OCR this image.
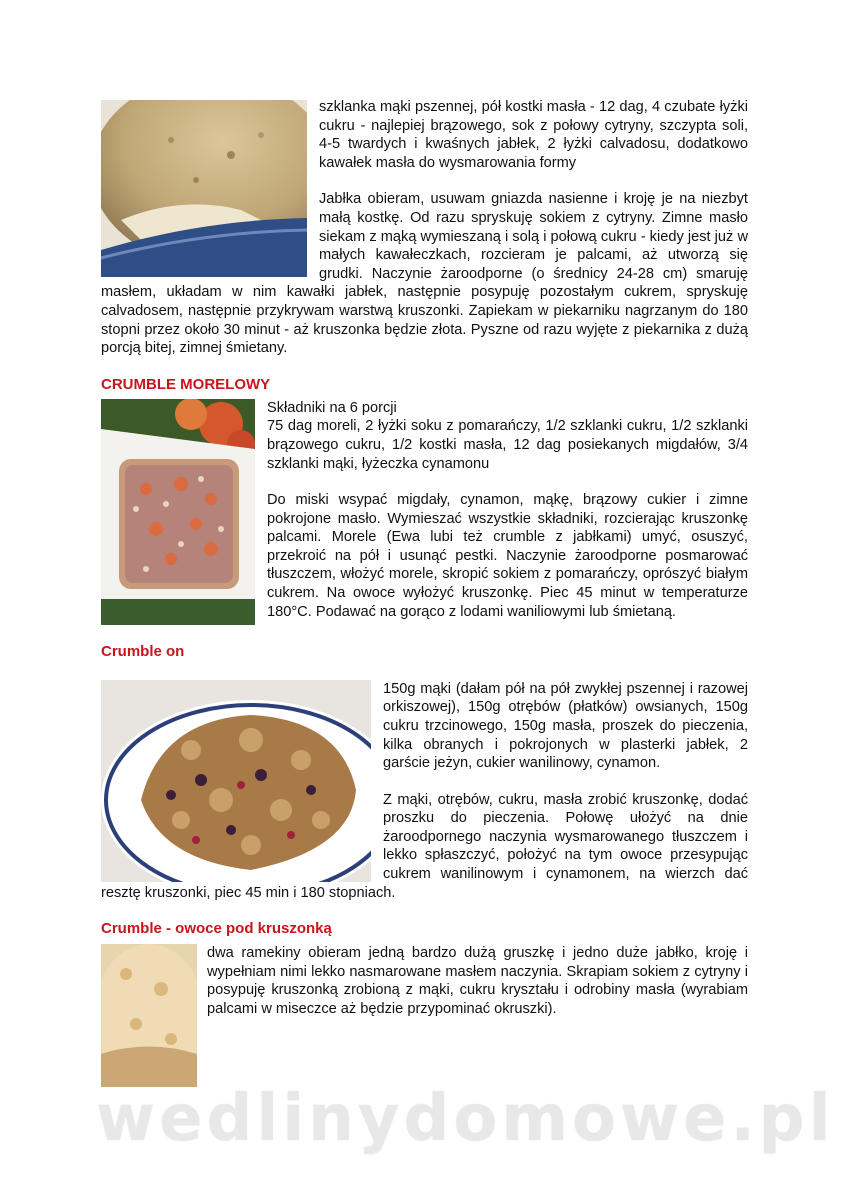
szklanka mąki pszennej, pół kostki masła - 12 dag, 4 czubate łyżki cukru - najlepiej brązowego, sok z połowy cytryny, szczypta soli, 4-5 twardych i kwaśnych jabłek, 2 łyżki calvadosu, dodatkowo kawałek masła do wysmarowania formy

Jabłka obieram, usuwam gniazda nasienne i kroję je na niezbyt małą kostkę. Od razu spryskuję sokiem z cytryny. Zimne masło siekam z mąką wymieszaną i solą i połową cukru - kiedy jest już w małych kawałeczkach, rozcieram je palcami, aż utworzą się grudki. Naczynie żaroodporne (o średnicy 24-28 cm) smaruję masłem, układam w nim kawałki jabłek, następnie posypuję pozostałym cukrem, spryskuję calvadosem, następnie przykrywam warstwą kruszonki. Zapiekam w piekarniku nagrzanym do 180 stopni przez około 30 minut - aż kruszonka będzie złota. Pyszne od razu wyjęte z piekarnika z dużą porcją bitej, zimnej śmietany.

CRUMBLE MORELOWY

Składniki na 6 porcji

75 dag moreli, 2 łyżki soku z pomarańczy, 1/2 szklanki cukru, 1/2 szklanki brązowego cukru, 1/2 kostki masła, 12 dag posiekanych migdałów, 3/4 szklanki mąki, łyżeczka cynamonu

Do miski wsypać migdały, cynamon, mąkę, brązowy cukier i zimne pokrojone masło. Wymieszać wszystkie składniki, rozcierając kruszonkę palcami. Morele (Ewa lubi też crumble z jabłkami) umyć, osuszyć, przekroić na pół i usunąć pestki. Naczynie żaroodporne posmarować tłuszczem, włożyć morele, skropić sokiem z pomarańczy, oprószyć białym cukrem. Na owoce wyłożyć kruszonkę. Piec 45 minut w temperaturze 180°C. Podawać na gorąco z lodami waniliowymi lub śmietaną.

Crumble on

150g mąki (dałam pół na pół zwykłej pszennej i razowej orkiszowej), 150g otrębów (płatków) owsianych, 150g cukru trzcinowego, 150g masła, proszek do pieczenia, kilka obranych i pokrojonych w plasterki jabłek, 2 garście jeżyn, cukier wanilinowy, cynamon.

Z mąki, otrębów, cukru, masła zrobić kruszonkę, dodać proszku do pieczenia. Połowę ułożyć na dnie żaroodpornego naczynia wysmarowanego tłuszczem i lekko spłaszczyć, położyć na tym owoce przesypując cukrem wanilinowym i cynamonem, na wierzch dać resztę kruszonki, piec 45 min i 180 stopniach.

Crumble - owoce pod kruszonką

dwa ramekiny obieram jedną bardzo dużą gruszkę i jedno duże jabłko, kroję i wypełniam nimi lekko nasmarowane masłem naczynia. Skrapiam sokiem z cytryny i posypuję kruszonką zrobioną z mąki, cukru kryształu i odrobiny masła (wyrabiam palcami w miseczce aż będzie przypominać okruszki).

wedlinydomowe.pl
